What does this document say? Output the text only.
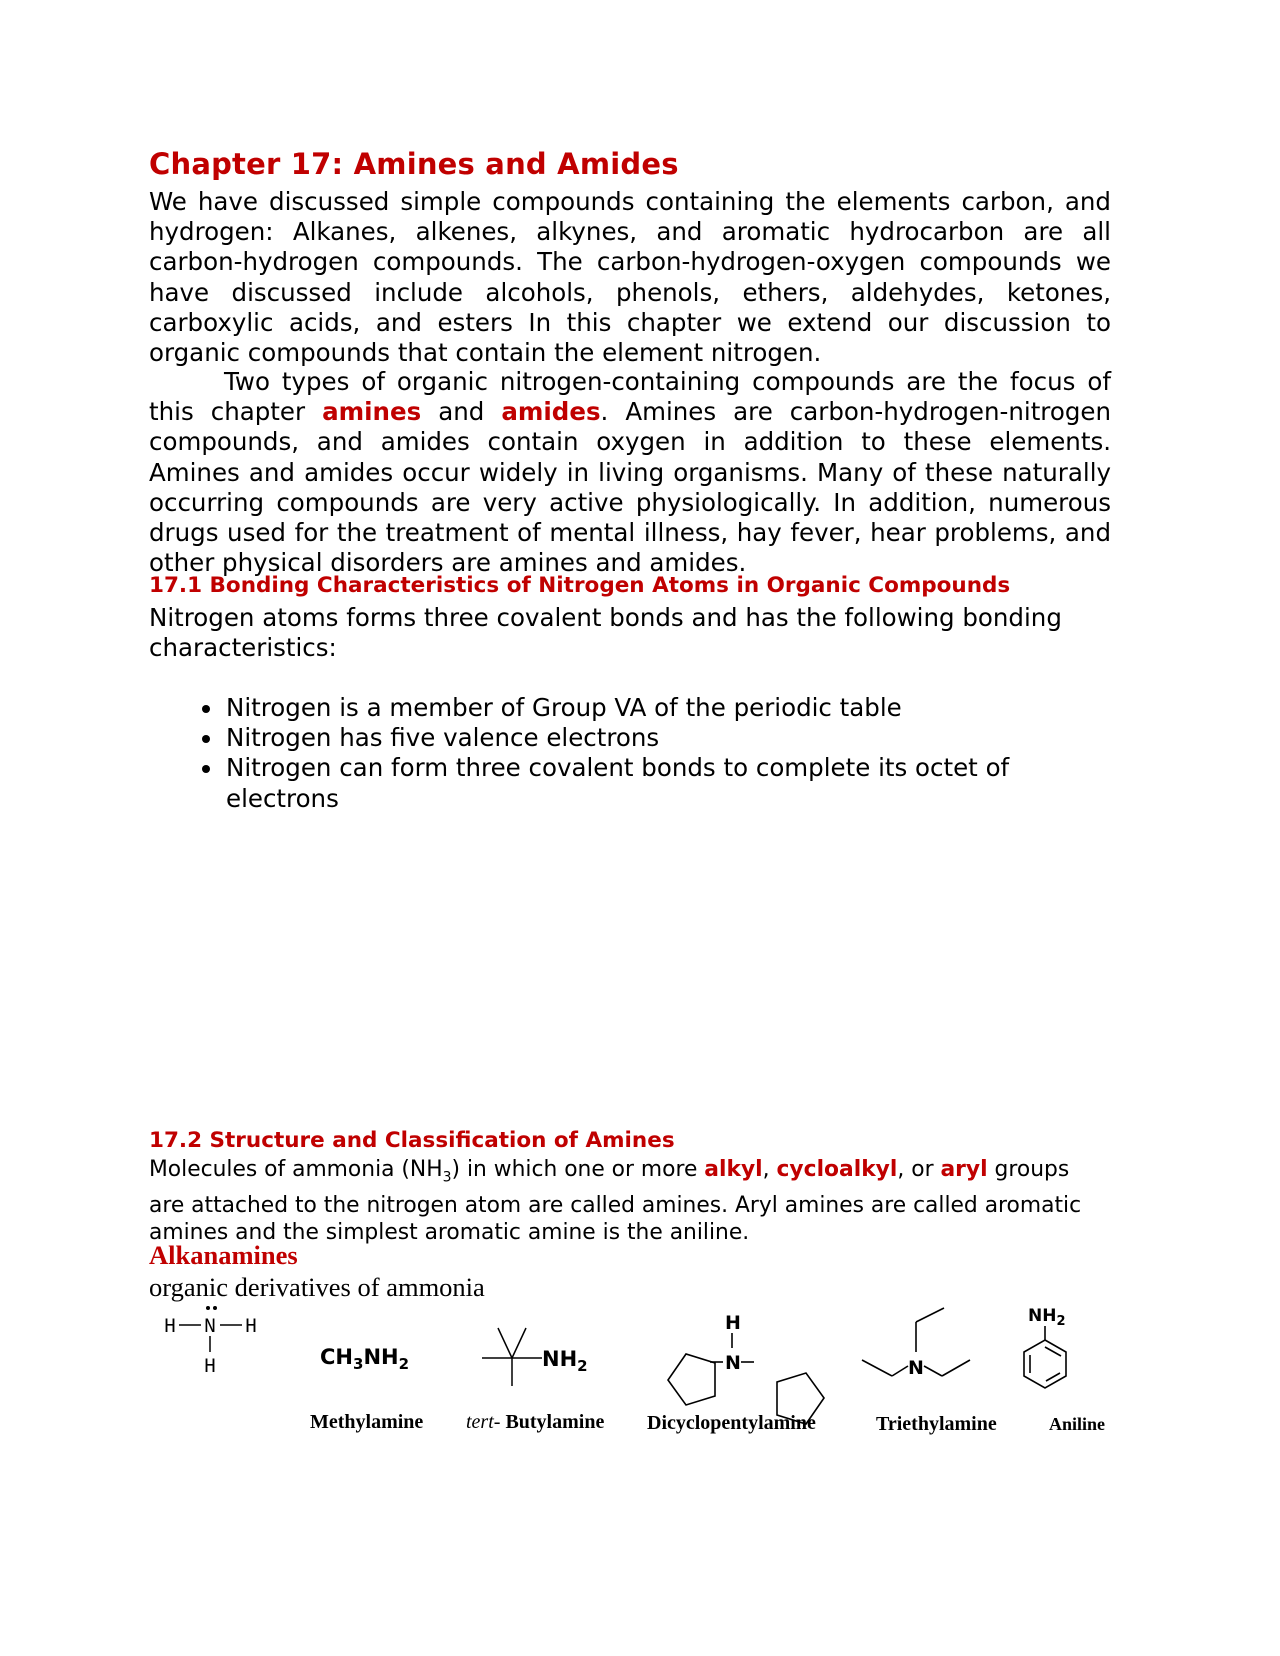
Chapter 17: Amines and Amides
We have discussed simple compounds containing the elements carbon, and hydrogen: Alkanes, alkenes, alkynes, and aromatic hydrocarbon are all carbon-hydrogen compounds. The carbon-hydrogen-oxygen compounds we have discussed include alcohols, phenols, ethers, aldehydes, ketones, carboxylic acids, and esters In this chapter we extend our discussion to organic compounds that contain the element nitrogen.
Two types of organic nitrogen-containing compounds are the focus of this chapter amines and amides. Amines are carbon-hydrogen-nitrogen compounds, and amides contain oxygen in addition to these elements. Amines and amides occur widely in living organisms. Many of these naturally occurring compounds are very active physiologically. In addition, numerous drugs used for the treatment of mental illness, hay fever, hear problems, and other physical disorders are amines and amides.
17.1 Bonding Characteristics of Nitrogen Atoms in Organic Compounds
Nitrogen atoms forms three covalent bonds and has the following bonding characteristics:
• Nitrogen is a member of Group VA of the periodic table
• Nitrogen has five valence electrons
• Nitrogen can form three covalent bonds to complete its octet of electrons
17.2 Structure and Classification of Amines
Molecules of ammonia $(NH_3)$ in which one or more alkyl, cycloalkyl, or aryl groups are attached to the nitrogen atom are called amines. Aryl amines are called aromatic amines and the simplest aromatic amine is the aniline.
Alkanamines
organic derivatives of ammonia
H N H
H	$CH_3NH_2$	$NH_2$
H
N	N
$NH_2$
Methylamine tert- Butylamine Dicyclopentylamine	Triethylamine	Aniline
